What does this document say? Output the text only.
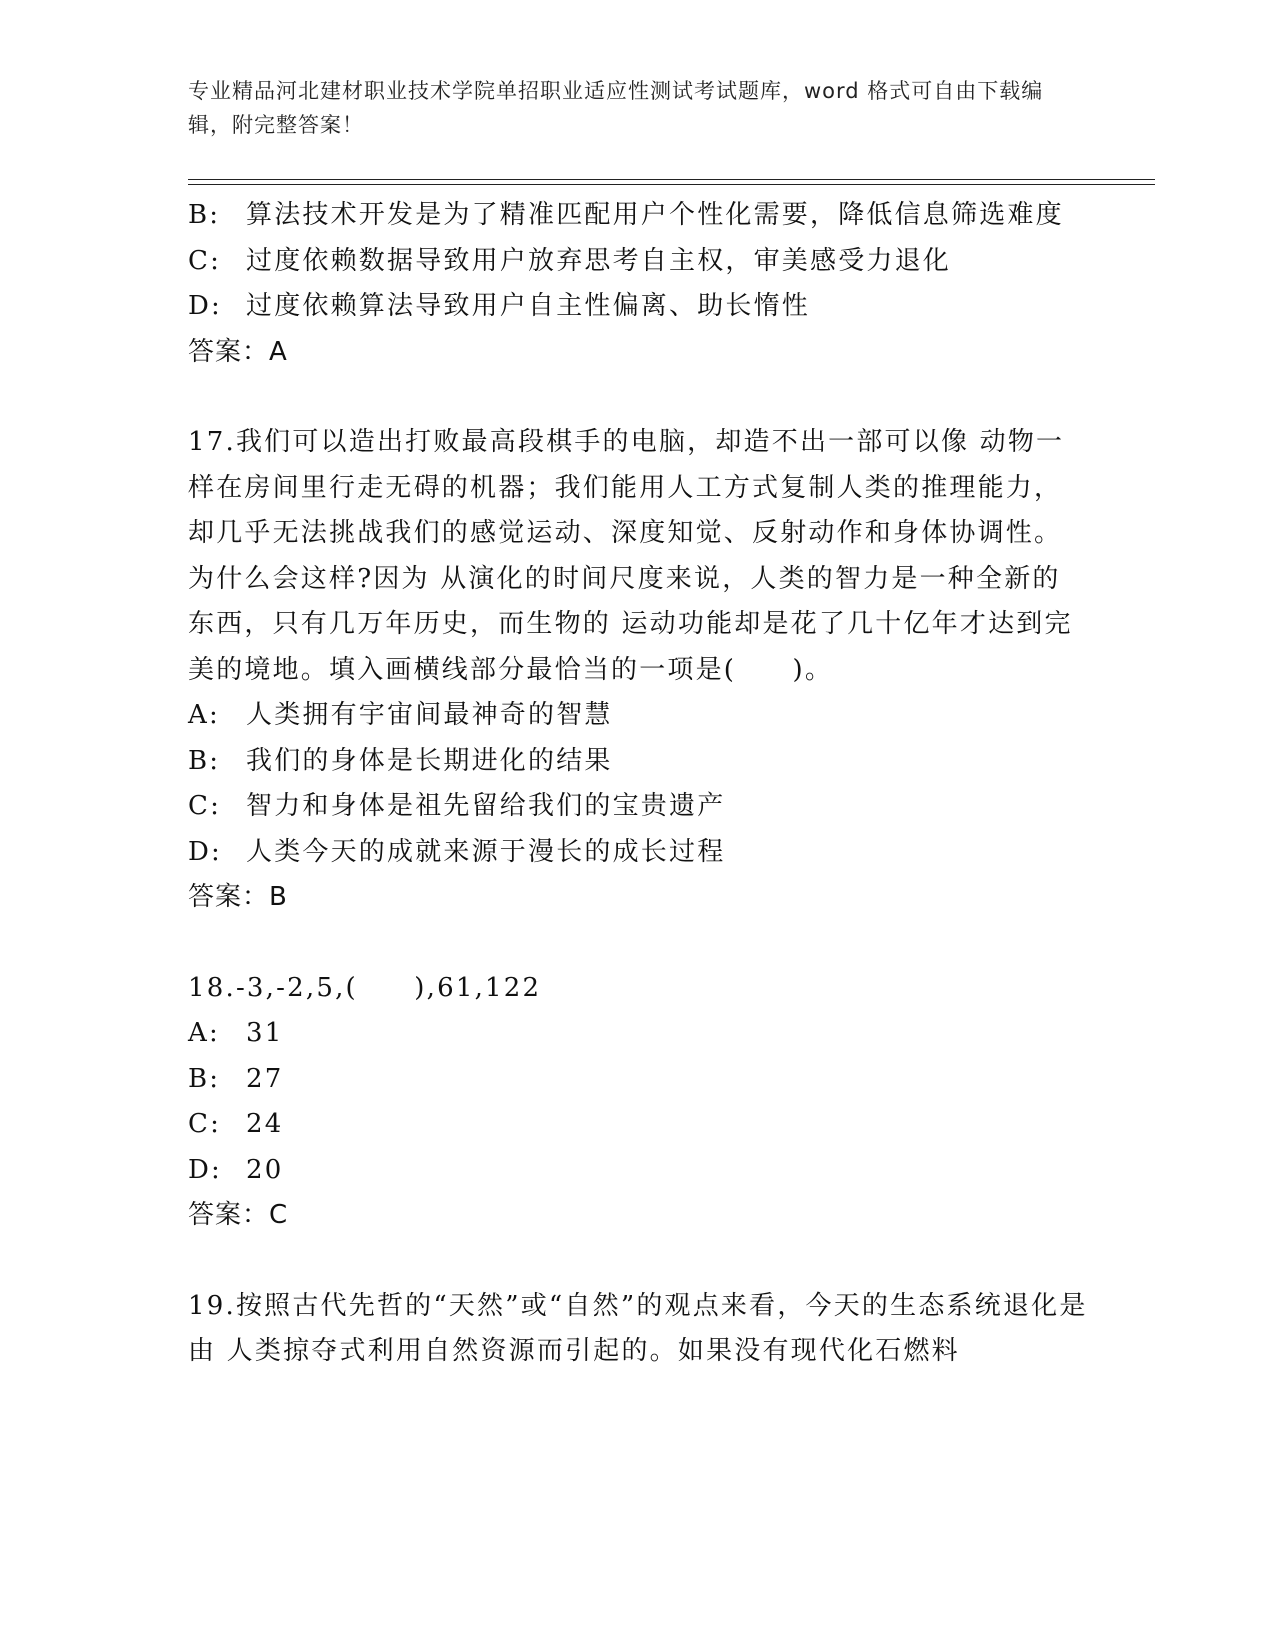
专业精品河北建材职业技术学院单招职业适应性测试考试题库，word 格式可自由下载编辑，附完整答案！
B: 算法技术开发是为了精准匹配用户个性化需要，降低信息筛选难度
C: 过度依赖数据导致用户放弃思考自主权，审美感受力退化
D: 过度依赖算法导致用户自主性偏离、助长惰性

答案：A

17.我们可以造出打败最高段棋手的电脑，却造不出一部可以像 动物一样在房间里行走无碍的机器；我们能用人工方式复制人类的推理能力，却几乎无法挑战我们的感觉运动、深度知觉、反射动作和身体协调性。为什么会这样?因为 从演化的时间尺度来说，人类的智力是一种全新的东西，只有几万年历史，而生物的 运动功能却是花了几十亿年才达到完美的境地。填入画横线部分最恰当的一项是(　　)。

A:	人类拥有宇宙间最神奇的智慧
B: 我们的身体是长期进化的结果
C: 智力和身体是祖先留给我们的宝贵遗产
D: 人类今天的成就来源于漫长的成长过程

答案：B

18.-3,-2,5,(　　),61,122

A:	31
B: 27
C: 24
D: 20

答案：C

19.按照古代先哲的“天然”或“自然”的观点来看，今天的生态系统退化是由 人类掠夺式利用自然资源而引起的。如果没有现代化石燃料
